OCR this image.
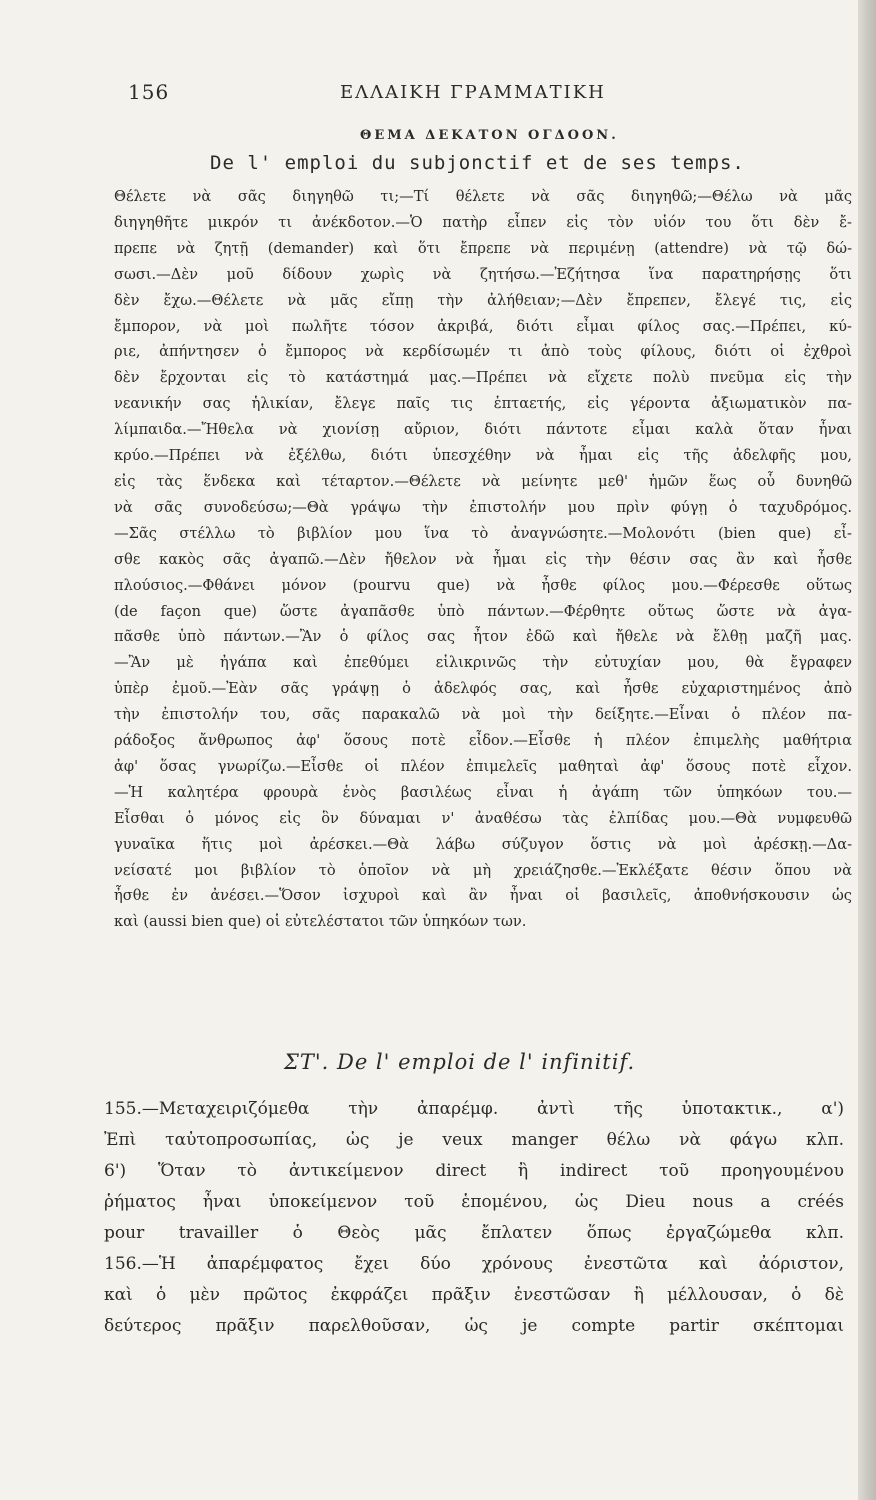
156	ΕΛΛΑΙΚΗ ΓΡΑΜΜΑΤΙΚΗ
ΘΕΜΑ ΔΕΚΑΤΟΝ ΟΓΔΟΟΝ.
De l' emploi du subjonctif et de ses temps.
Θέλετε νὰ σᾶς διηγηθῶ τι;—Τί θέλετε νὰ σᾶς διηγηθῶ;—Θέλω νὰ μᾶς
διηγηθῆτε μικρόν τι ἀνέκδοτον.—Ὁ πατὴρ εἶπεν εἰς τὸν υἱόν του ὅτι δὲν ἔ-
πρεπε νὰ ζητῇ (demander) καὶ ὅτι ἔπρεπε νὰ περιμένῃ (attendre) νὰ τῷ δώ-
σωσι.—Δὲν μοῦ δίδουν χωρὶς νὰ ζητήσω.—Ἐζήτησα ἵνα παρατηρήσῃς ὅτι
δὲν ἔχω.—Θέλετε νὰ μᾶς εἴπῃ τὴν ἀλήθειαν;—Δὲν ἔπρεπεν, ἔλεγέ τις, εἰς
ἔμπορον, νὰ μοὶ πωλῆτε τόσον ἀκριβά, διότι εἶμαι φίλος σας.—Πρέπει, κύ-
ριε, ἀπήντησεν ὁ ἔμπορος νὰ κερδίσωμέν τι ἀπὸ τοὺς φίλους, διότι οἱ ἐχθροὶ
δὲν ἔρχονται εἰς τὸ κατάστημά μας.—Πρέπει νὰ εἴχετε πολὺ πνεῦμα εἰς τὴν
νεανικήν σας ἡλικίαν, ἔλεγε παῖς τις ἑπταετής, εἰς γέροντα ἀξιωματικὸν πα-
λίμπαιδα.—Ἤθελα νὰ χιονίσῃ αὔριον, διότι πάντοτε εἶμαι καλὰ ὅταν ἦναι
κρύο.—Πρέπει νὰ ἐξέλθω, διότι ὑπεσχέθην νὰ ἦμαι εἰς τῆς ἀδελφῆς μου,
εἰς τὰς ἕνδεκα καὶ τέταρτον.—Θέλετε νὰ μείνητε μεθ' ἡμῶν ἕως οὗ δυνηθῶ
νὰ σᾶς συνοδεύσω;—Θὰ γράψω τὴν ἐπιστολήν μου πρὶν φύγῃ ὁ ταχυδρόμος.
—Σᾶς στέλλω τὸ βιβλίον μου ἵνα τὸ ἀναγνώσητε.—Μολονότι (bien que) εἶ-
σθε κακὸς σᾶς ἀγαπῶ.—Δὲν ἤθελον νὰ ἦμαι εἰς τὴν θέσιν σας ἂν καὶ ἦσθε
πλούσιος.—Φθάνει μόνον (pourvu que) νὰ ἦσθε φίλος μου.—Φέρεσθε οὕτως
(de façon que) ὥστε ἀγαπᾶσθε ὑπὸ πάντων.—Φέρθητε οὕτως ὥστε νὰ ἀγα-
πᾶσθε ὑπὸ πάντων.—Ἂν ὁ φίλος σας ἦτον ἐδῶ καὶ ἤθελε νὰ ἔλθῃ μαζῆ μας.
—Ἂν μὲ ἠγάπα καὶ ἐπεθύμει εἰλικρινῶς τὴν εὐτυχίαν μου, θὰ ἔγραφεν
ὑπὲρ ἐμοῦ.—Ἐὰν σᾶς γράψῃ ὁ ἀδελφός σας, καὶ ἦσθε εὐχαριστημένος ἀπὸ
τὴν ἐπιστολήν του, σᾶς παρακαλῶ νὰ μοὶ τὴν δείξητε.—Εἶναι ὁ πλέον πα-
ράδοξος ἄνθρωπος ἀφ' ὅσους ποτὲ εἶδον.—Εἶσθε ἡ πλέον ἐπιμελὴς μαθήτρια
ἀφ' ὅσας γνωρίζω.—Εἶσθε οἱ πλέον ἐπιμελεῖς μαθηταὶ ἀφ' ὅσους ποτὲ εἶχον.
—Ἡ καλητέρα φρουρὰ ἑνὸς βασιλέως εἶναι ἡ ἀγάπη τῶν ὑπηκόων του.—
Εἶσθαι ὁ μόνος εἰς ὃν δύναμαι ν' ἀναθέσω τὰς ἐλπίδας μου.—Θὰ νυμφευθῶ
γυναῖκα ἥτις μοὶ ἀρέσκει.—Θὰ λάβω σύζυγον ὅστις νὰ μοὶ ἀρέσκῃ.—Δα-
νείσατέ μοι βιβλίον τὸ ὁποῖον νὰ μὴ χρειάζησθε.—Ἐκλέξατε θέσιν ὅπου νὰ
ἦσθε ἐν ἀνέσει.—Ὅσον ἰσχυροὶ καὶ ἂν ἦναι οἱ βασιλεῖς, ἀποθνήσκουσιν ὡς
καὶ (aussi bien que) οἱ εὐτελέστατοι τῶν ὑπηκόων των.
ΣΤ'. De l' emploi de l' infinitif.
155.—Μεταχειριζόμεθα τὴν ἀπαρέμφ. ἀντὶ τῆς ὑποτακτικ., α')
Ἐπὶ ταὐτοπροσωπίας, ὡς je veux manger θέλω νὰ φάγω κλπ.
6') Ὅταν τὸ ἀντικείμενον direct ἢ indirect τοῦ προηγουμένου
ῥήματος ἦναι ὑποκείμενον τοῦ ἑπομένου, ὡς Dieu nous a créés
pour travailler ὁ Θεὸς μᾶς ἔπλατεν ὅπως ἐργαζώμεθα κλπ.
156.—Ἡ ἀπαρέμφατος ἔχει δύο χρόνους ἐνεστῶτα καὶ ἀόριστον,
καὶ ὁ μὲν πρῶτος ἐκφράζει πρᾶξιν ἐνεστῶσαν ἢ μέλλουσαν, ὁ δὲ
δεύτερος πρᾶξιν παρελθοῦσαν, ὡς je compte partir σκέπτομαι
